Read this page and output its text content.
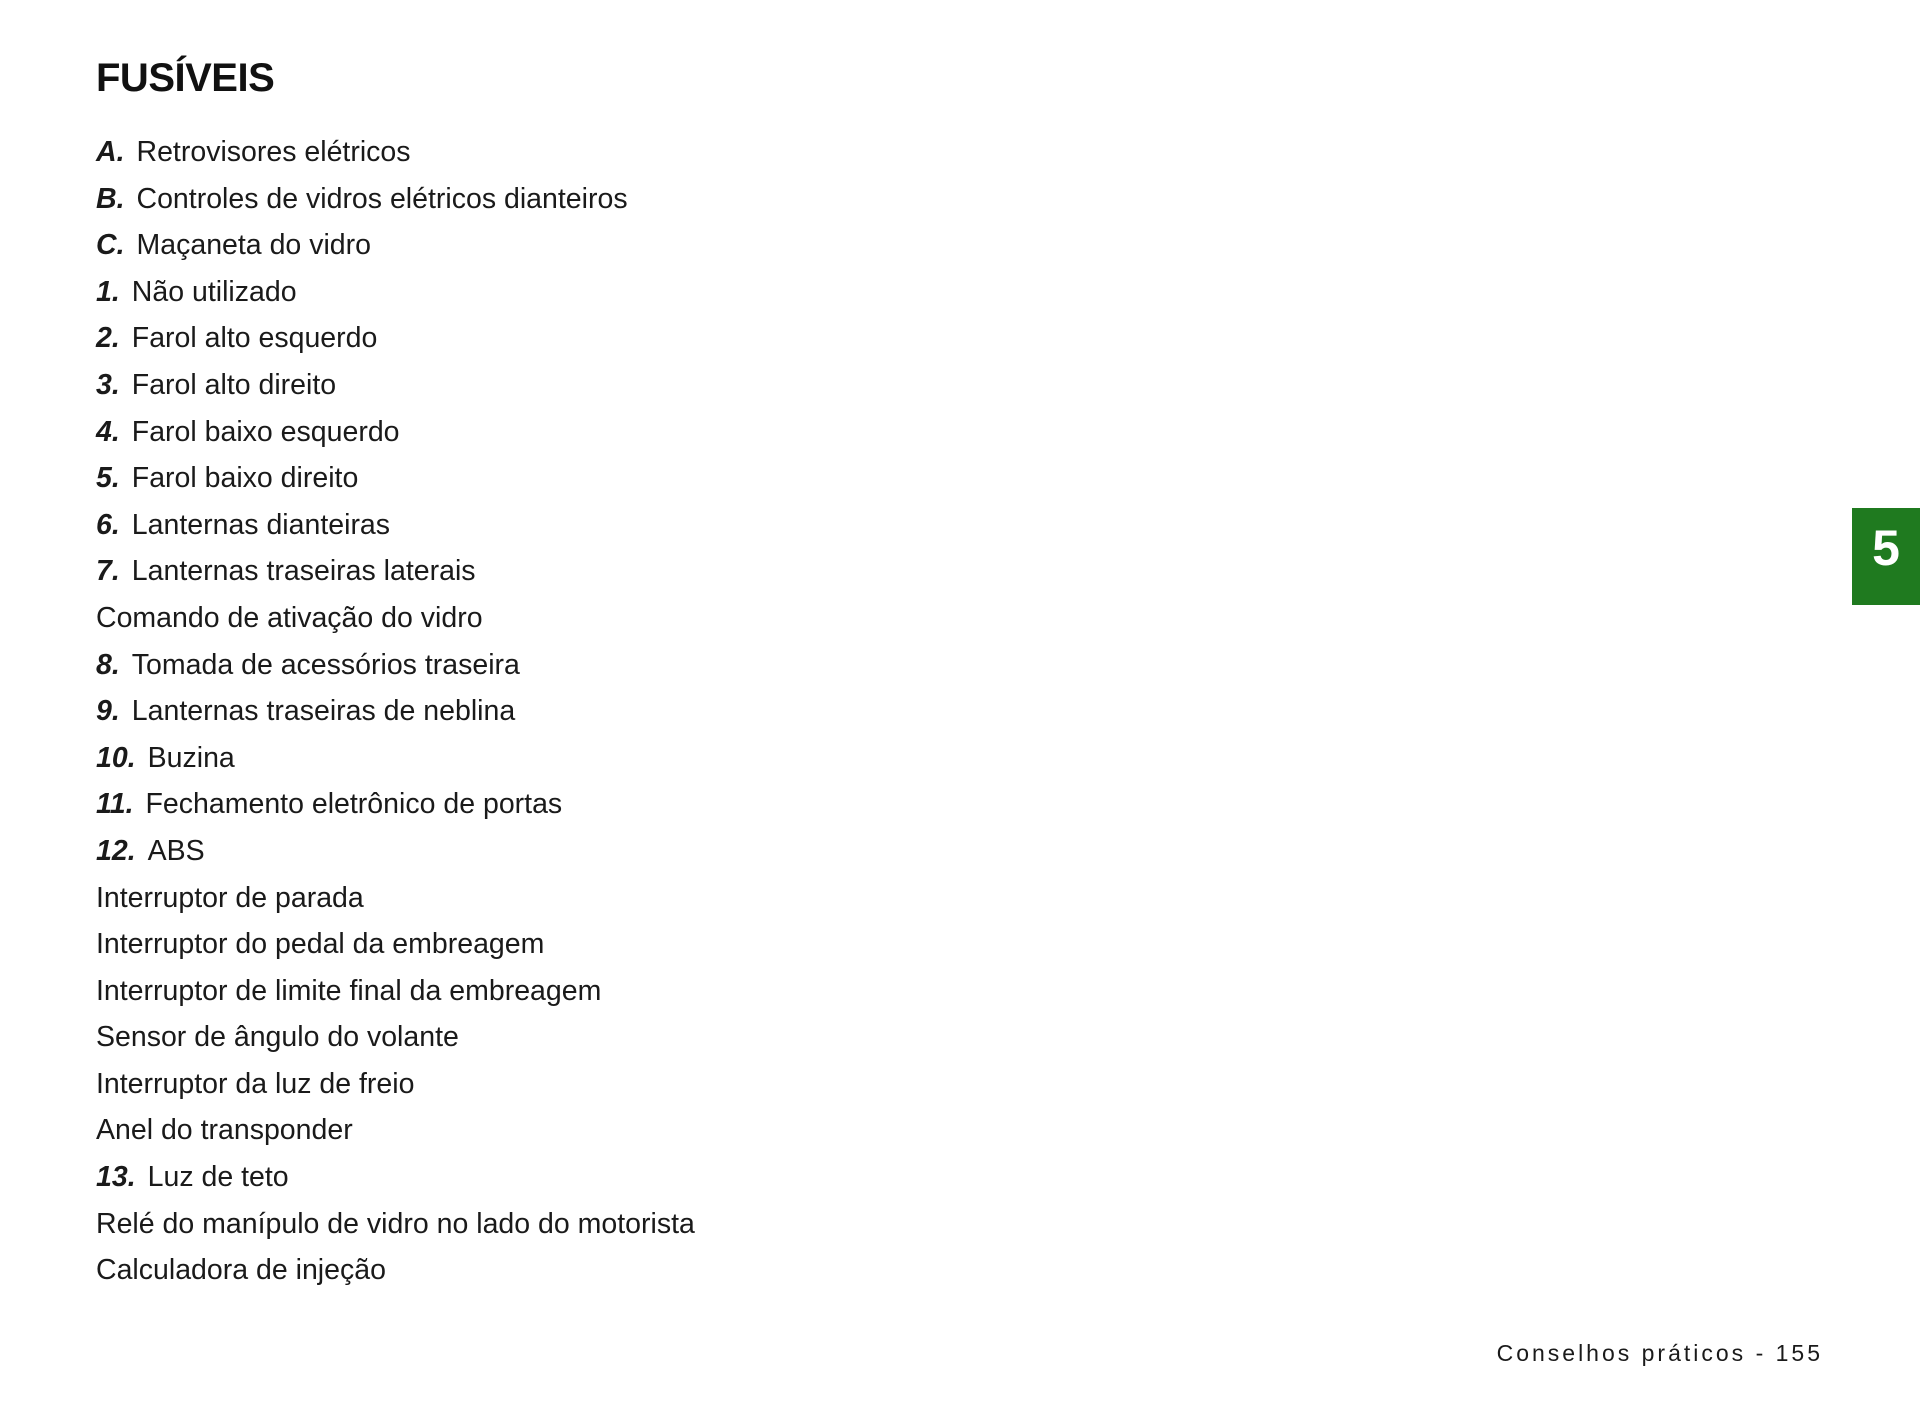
FUSÍVEIS
A. Retrovisores elétricos
B. Controles de vidros elétricos dianteiros
C. Maçaneta do vidro
1. Não utilizado
2. Farol alto esquerdo
3. Farol alto direito
4. Farol baixo esquerdo
5. Farol baixo direito
6. Lanternas dianteiras
7. Lanternas traseiras laterais
Comando de ativação do vidro
8. Tomada de acessórios traseira
9. Lanternas traseiras de neblina
10. Buzina
11. Fechamento eletrônico de portas
12. ABS
Interruptor de parada
Interruptor do pedal da embreagem
Interruptor de limite final da embreagem
Sensor de ângulo do volante
Interruptor da luz de freio
Anel do transponder
13. Luz de teto
Relé do manípulo de vidro no lado do motorista
Calculadora de injeção
5
Conselhos práticos - 155
